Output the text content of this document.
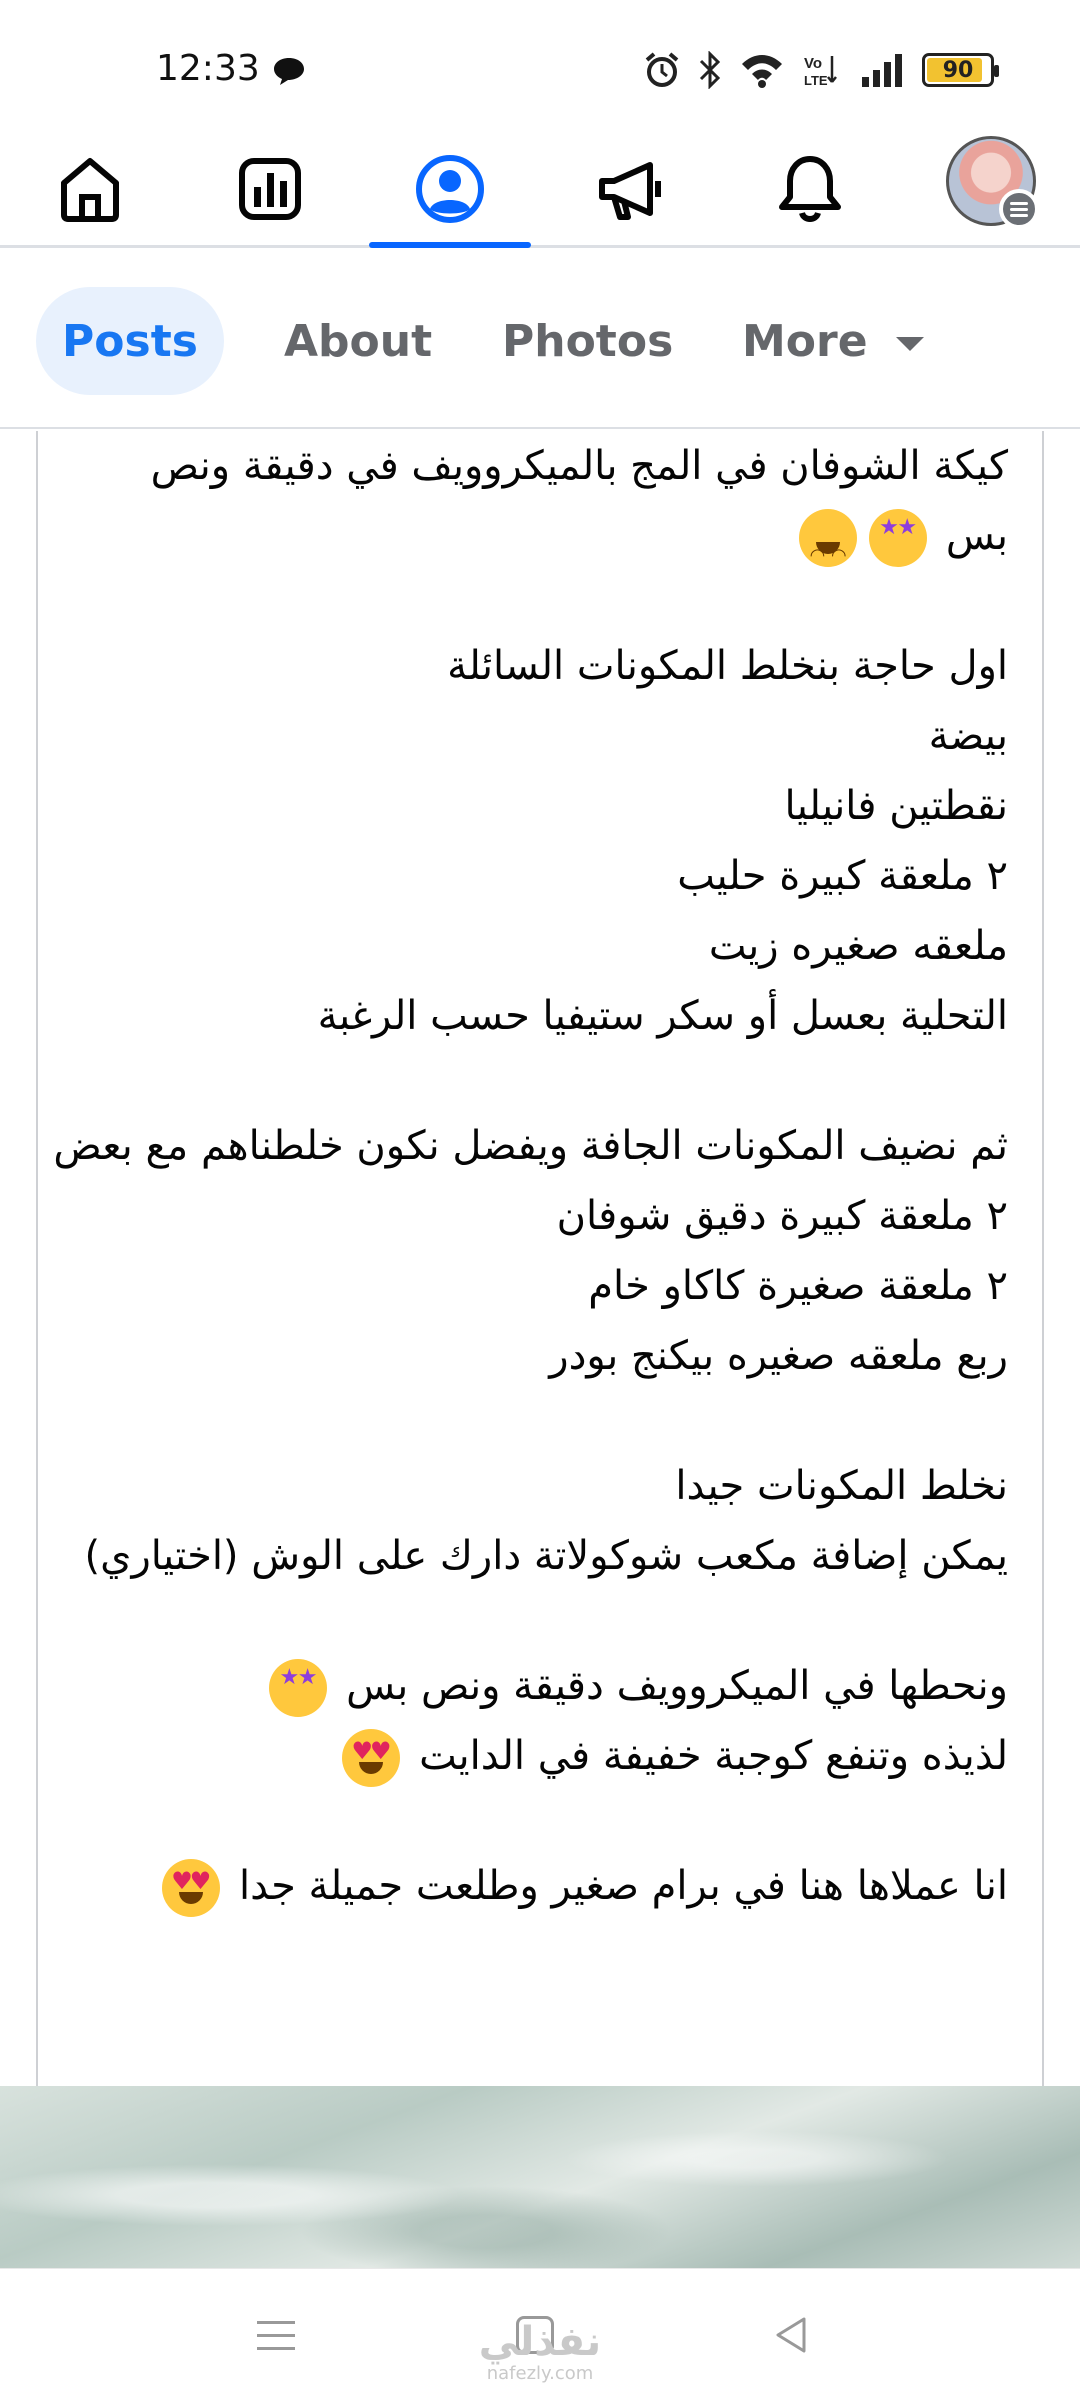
12:33	Vo
LTE	90
Posts	About Photos More
كيكة الشوفان في المج بالميكروويف في دقيقة ونص
بس ★ ★◠ ◠
اول حاجة بنخلط المكونات السائلة
بيضة
نقطتين فانيليا
٢ ملعقة كبيرة حليب
ملعقه صغيره زيت
التحلية بعسل أو سكر ستيفيا حسب الرغبة
ثم نضيف المكونات الجافة ويفضل نكون خلطناهم مع بعض
٢ ملعقة كبيرة دقيق شوفان
٢ ملعقة صغيرة كاكاو خام
ربع ملعقه صغيره بيكنج بودر
نخلط المكونات جيدا
يمكن إضافة مكعب شوكولاتة دارك على الوش (اختياري)
ونحطها في الميكروويف دقيقة ونص بس ★ ★
لذيذه وتنفع كوجبة خفيفة في الدايت ♥
♥
انا عملاها هنا في برام صغير وطلعت جميلة جدا ♥
♥
نفذلي
nafezly.com
